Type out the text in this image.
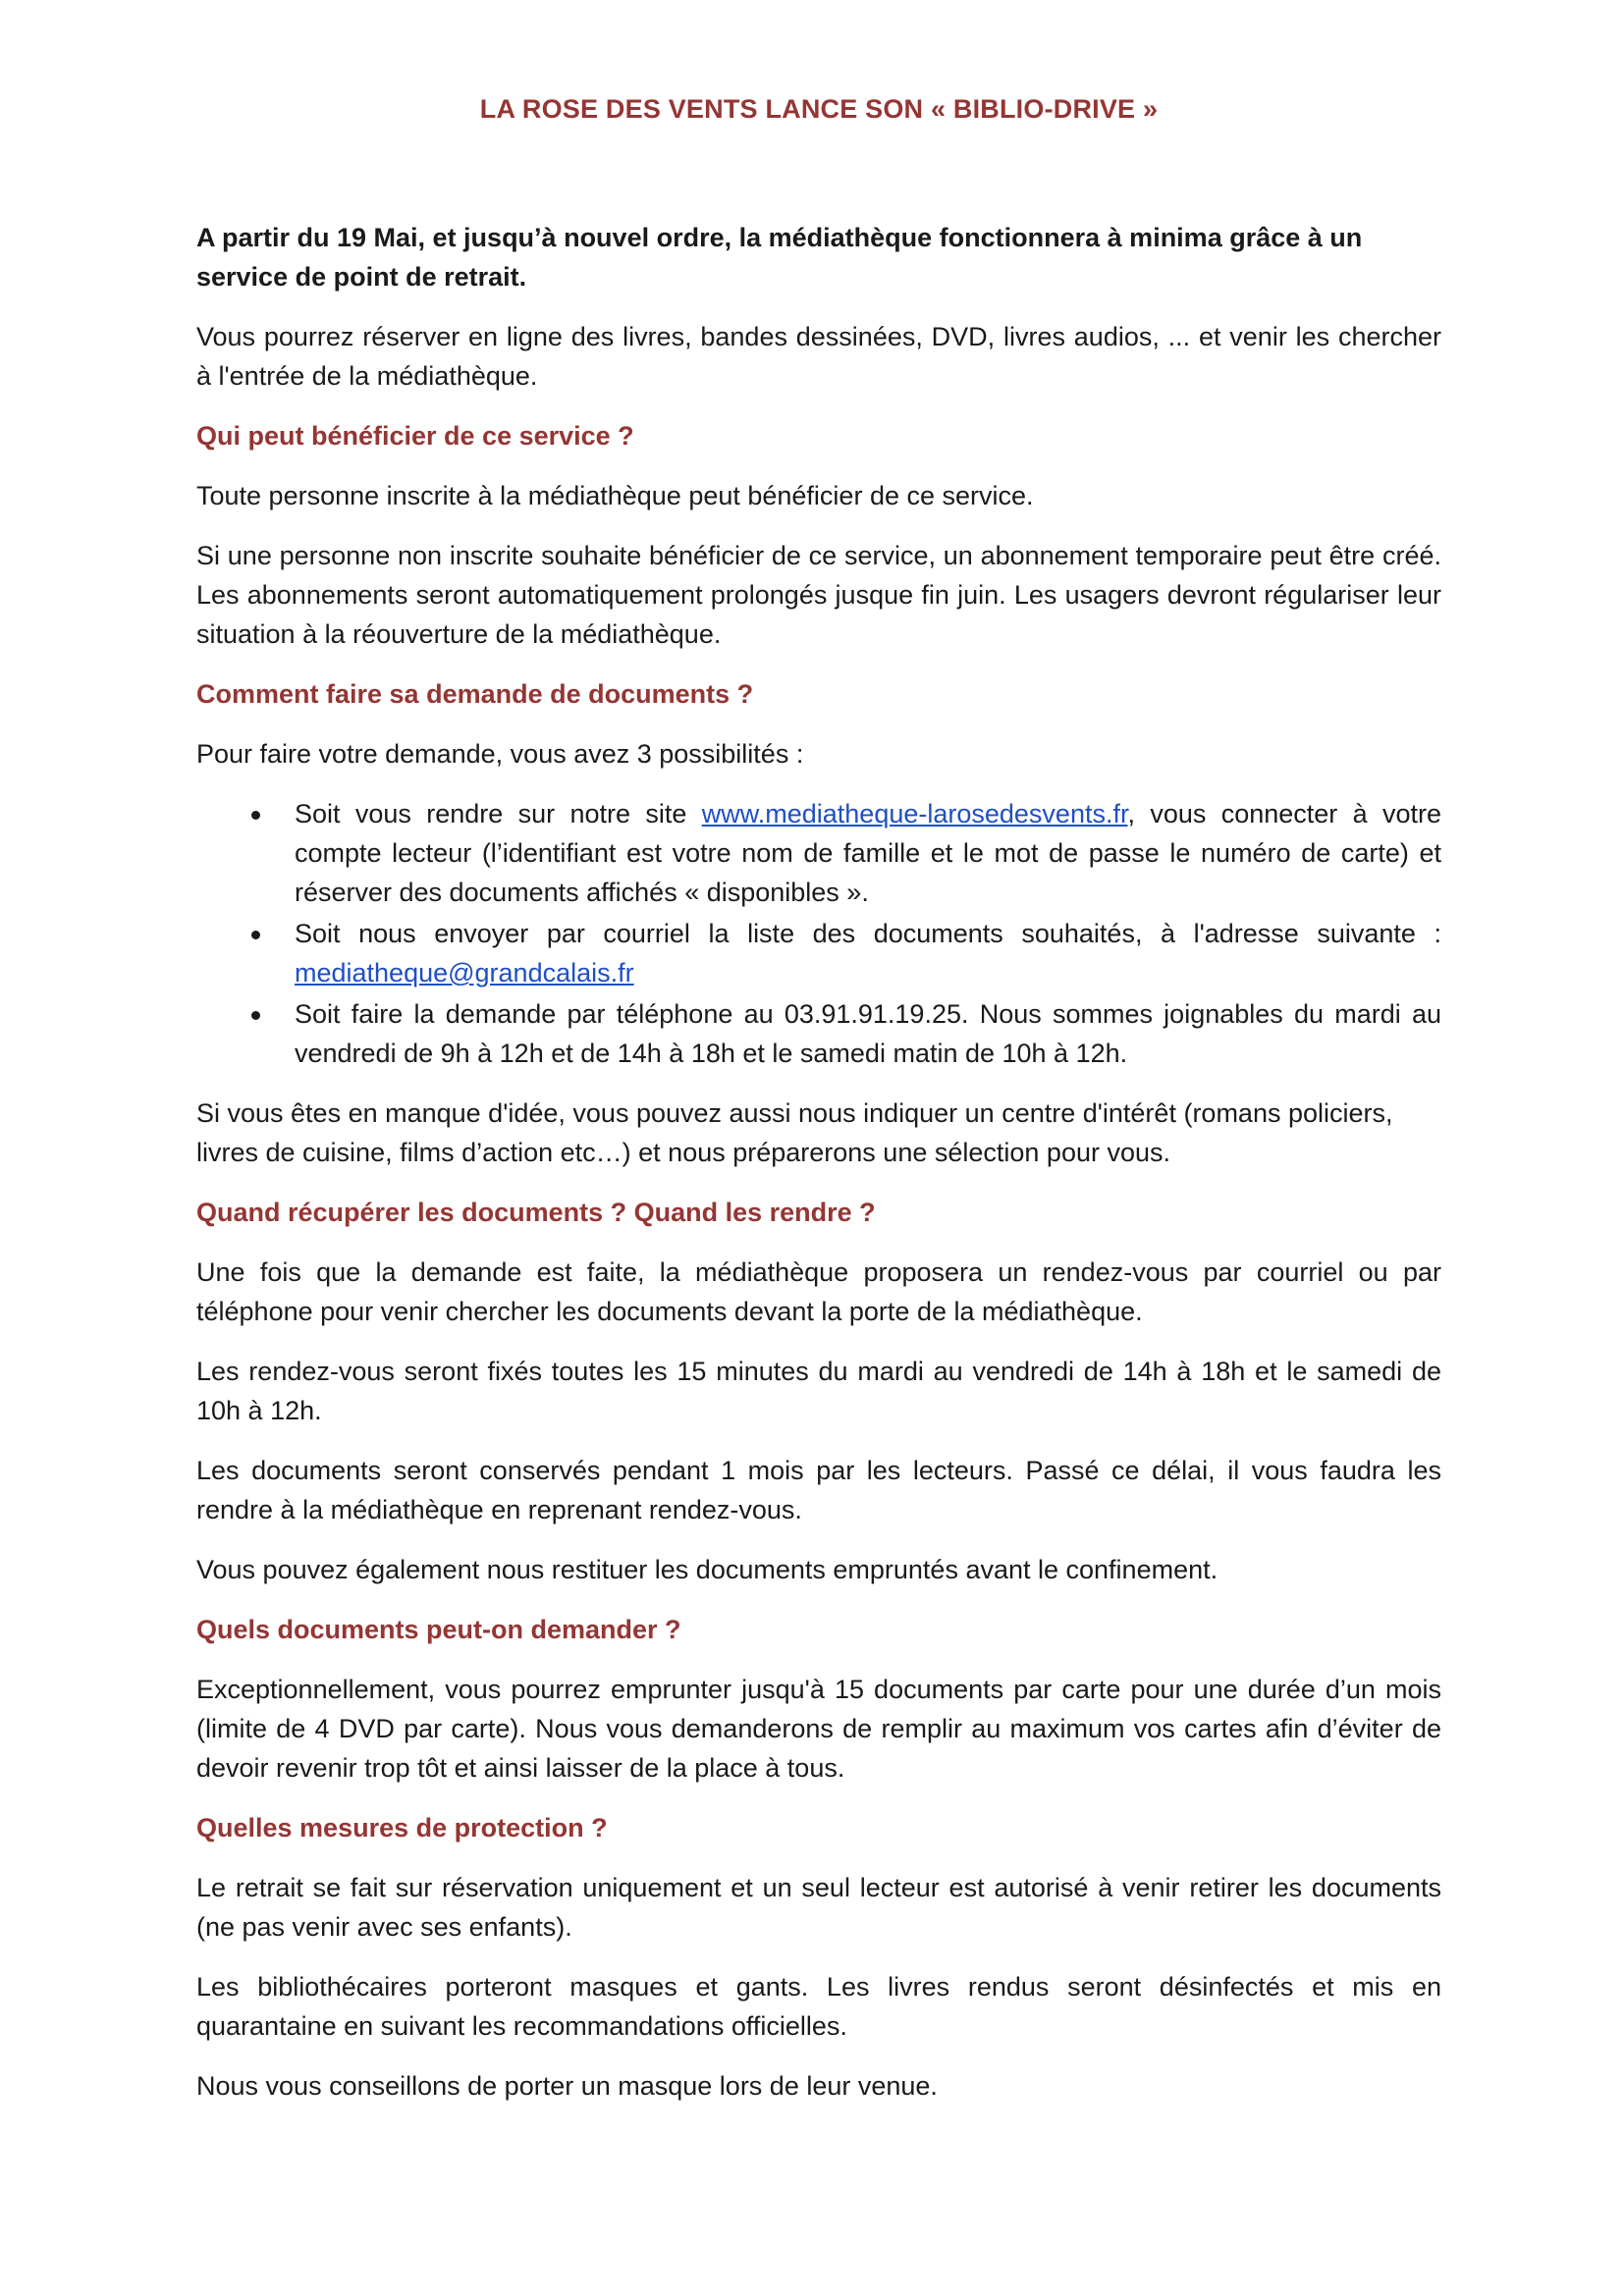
LA ROSE DES VENTS LANCE SON « BIBLIO-DRIVE »

A partir du 19 Mai, et jusqu’à nouvel ordre, la médiathèque fonctionnera à minima grâce à un service de point de retrait.

Vous pourrez réserver en ligne des livres, bandes dessinées, DVD, livres audios, ... et venir les chercher à l'entrée de la médiathèque.

Qui peut bénéficier de ce service ?

Toute personne inscrite à la médiathèque peut bénéficier de ce service.

Si une personne non inscrite souhaite bénéficier de ce service, un abonnement temporaire peut être créé. Les abonnements seront automatiquement prolongés jusque fin juin. Les usagers devront régulariser leur situation à la réouverture de la médiathèque.

Comment faire sa demande de documents ?

Pour faire votre demande, vous avez 3 possibilités :

Soit vous rendre sur notre site www.mediatheque-larosedesvents.fr, vous connecter à votre compte lecteur (l’identifiant est votre nom de famille et le mot de passe le numéro de carte) et réserver des documents affichés « disponibles ».
Soit nous envoyer par courriel la liste des documents souhaités, à l'adresse suivante : mediatheque@grandcalais.fr
Soit faire la demande par téléphone au 03.91.91.19.25. Nous sommes joignables du mardi au vendredi de 9h à 12h et de 14h à 18h et le samedi matin de 10h à 12h.

Si vous êtes en manque d'idée, vous pouvez aussi nous indiquer un centre d'intérêt (romans policiers, livres de cuisine, films d’action etc…) et nous préparerons une sélection pour vous.

Quand récupérer les documents ? Quand les rendre ?

Une fois que la demande est faite, la médiathèque proposera un rendez-vous par courriel ou par téléphone pour venir chercher les documents devant la porte de la médiathèque.

Les rendez-vous seront fixés toutes les 15 minutes du mardi au vendredi de 14h à 18h et le samedi de 10h à 12h.

Les documents seront conservés pendant 1 mois par les lecteurs. Passé ce délai, il vous faudra les rendre à la médiathèque en reprenant rendez-vous.

Vous pouvez également nous restituer les documents empruntés avant le confinement.

Quels documents peut-on demander ?

Exceptionnellement, vous pourrez emprunter jusqu'à 15 documents par carte pour une durée d’un mois (limite de 4 DVD par carte). Nous vous demanderons de remplir au maximum vos cartes afin d’éviter de devoir revenir trop tôt et ainsi laisser de la place à tous.

Quelles mesures de protection ?

Le retrait se fait sur réservation uniquement et un seul lecteur est autorisé à venir retirer les documents (ne pas venir avec ses enfants).

Les bibliothécaires porteront masques et gants. Les livres rendus seront désinfectés et mis en quarantaine en suivant les recommandations officielles.

Nous vous conseillons de porter un masque lors de leur venue.
